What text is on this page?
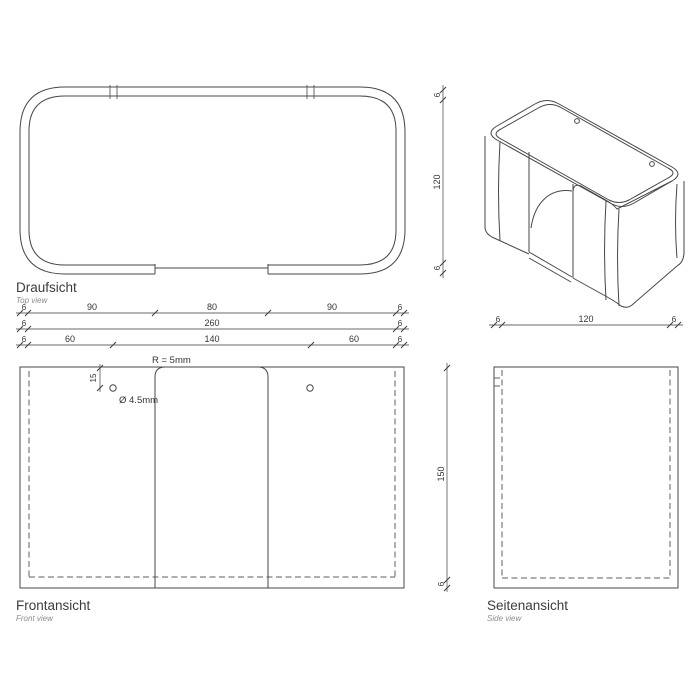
Draufsicht
Top view
6	90	80	90	6
6	260	6
6	60	140	60	6
15
R = 5mm
Ø 4.5mm
Frontansicht
Front view
150
6
6
120
6
6	120	6
Seitenansicht
Side view
